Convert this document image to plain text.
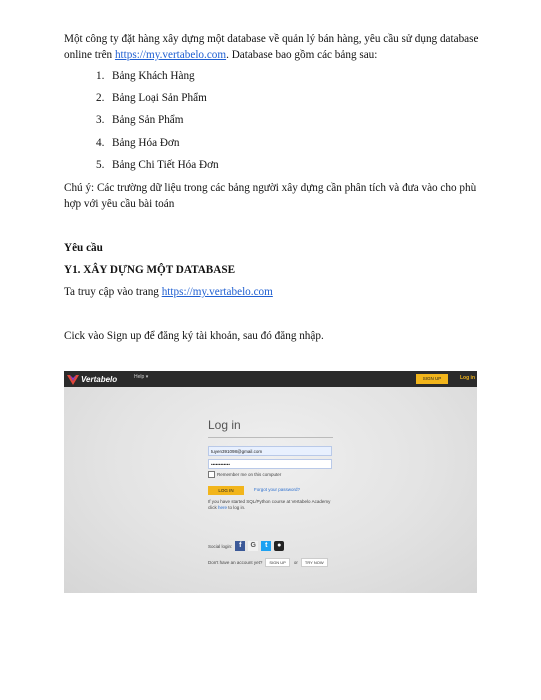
Một công ty đặt hàng xây dựng một database về quản lý bán hàng, yêu cầu sử dụng database online trên https://my.vertabelo.com. Database bao gồm các bảng sau:
1. Bảng Khách Hàng
2. Bảng Loại Sản Phẩm
3. Bảng Sản Phẩm
4. Bảng Hóa Đơn
5. Bảng Chi Tiết Hóa Đơn
Chú ý: Các trường dữ liệu trong các bảng người xây dựng cần phân tích và đưa vào cho phù hợp với yêu cầu bài toán
Yêu cầu
Y1. XÂY DỰNG MỘT DATABASE
Ta truy cập vào trang https://my.vertabelo.com
Cick vào Sign up để đăng ký tài khoản, sau đó đăng nhập.
Vertabelo	Help ▾	SIGN UP	Log in
Log in
tuyen391098@gmail.com
••••••••••••
Remember me on this computer
LOG IN	Forgot your password?
If you have started SQL/Python course at Vertabelo Academy click here to log in.
Social login: f	G	t	●
Don't have an account yet?	SIGN UP	or	TRY NOW
